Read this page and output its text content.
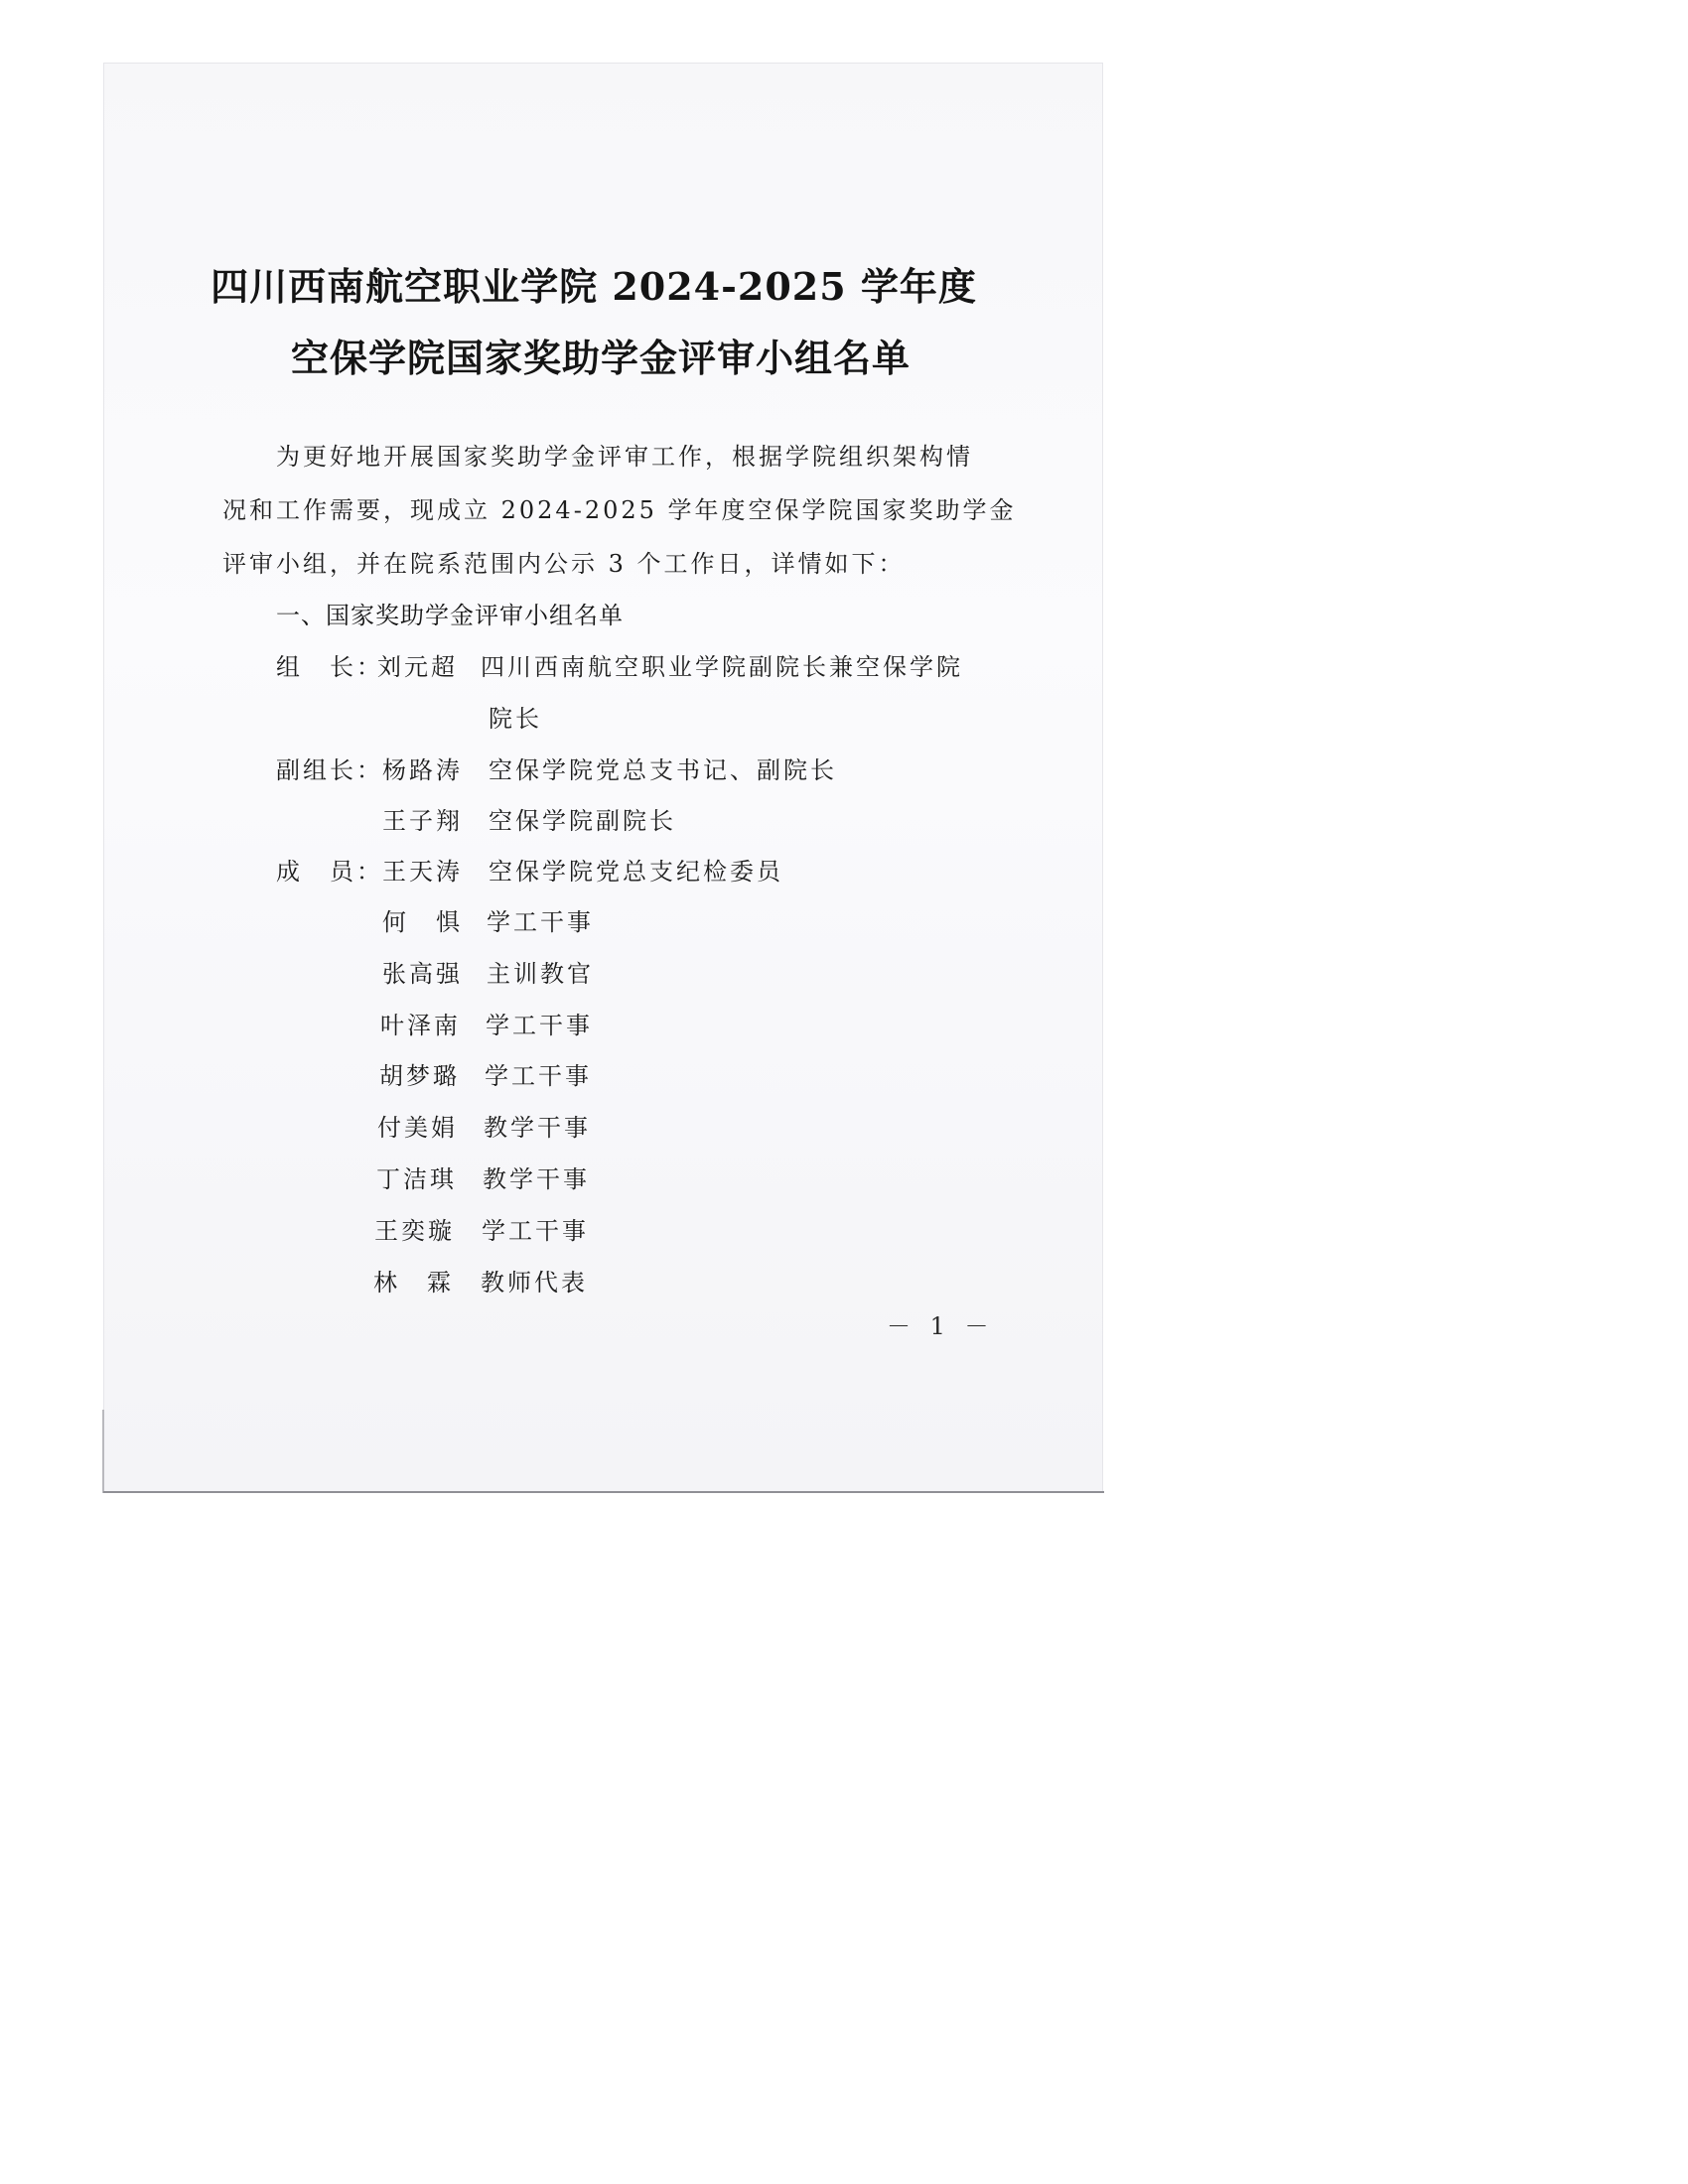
四川西南航空职业学院 2024-2025 学年度
空保学院国家奖助学金评审小组名单
为更好地开展国家奖助学金评审工作，根据学院组织架构情
况和工作需要，现成立 2024-2025 学年度空保学院国家奖助学金
评审小组，并在院系范围内公示 3 个工作日，详情如下：
一、国家奖助学金评审小组名单
组　长：
刘元超 四川西南航空职业学院副院长兼空保学院
院长
副组长： 杨路涛 空保学院党总支书记、副院长
王子翔 空保学院副院长
成　员： 王天涛 空保学院党总支纪检委员
何　惧 学工干事
张高强 主训教官
叶泽南 学工干事
胡梦璐 学工干事
付美娟 教学干事
丁洁琪 教学干事
王奕璇 学工干事
林　霖 教师代表
－ 1 －
